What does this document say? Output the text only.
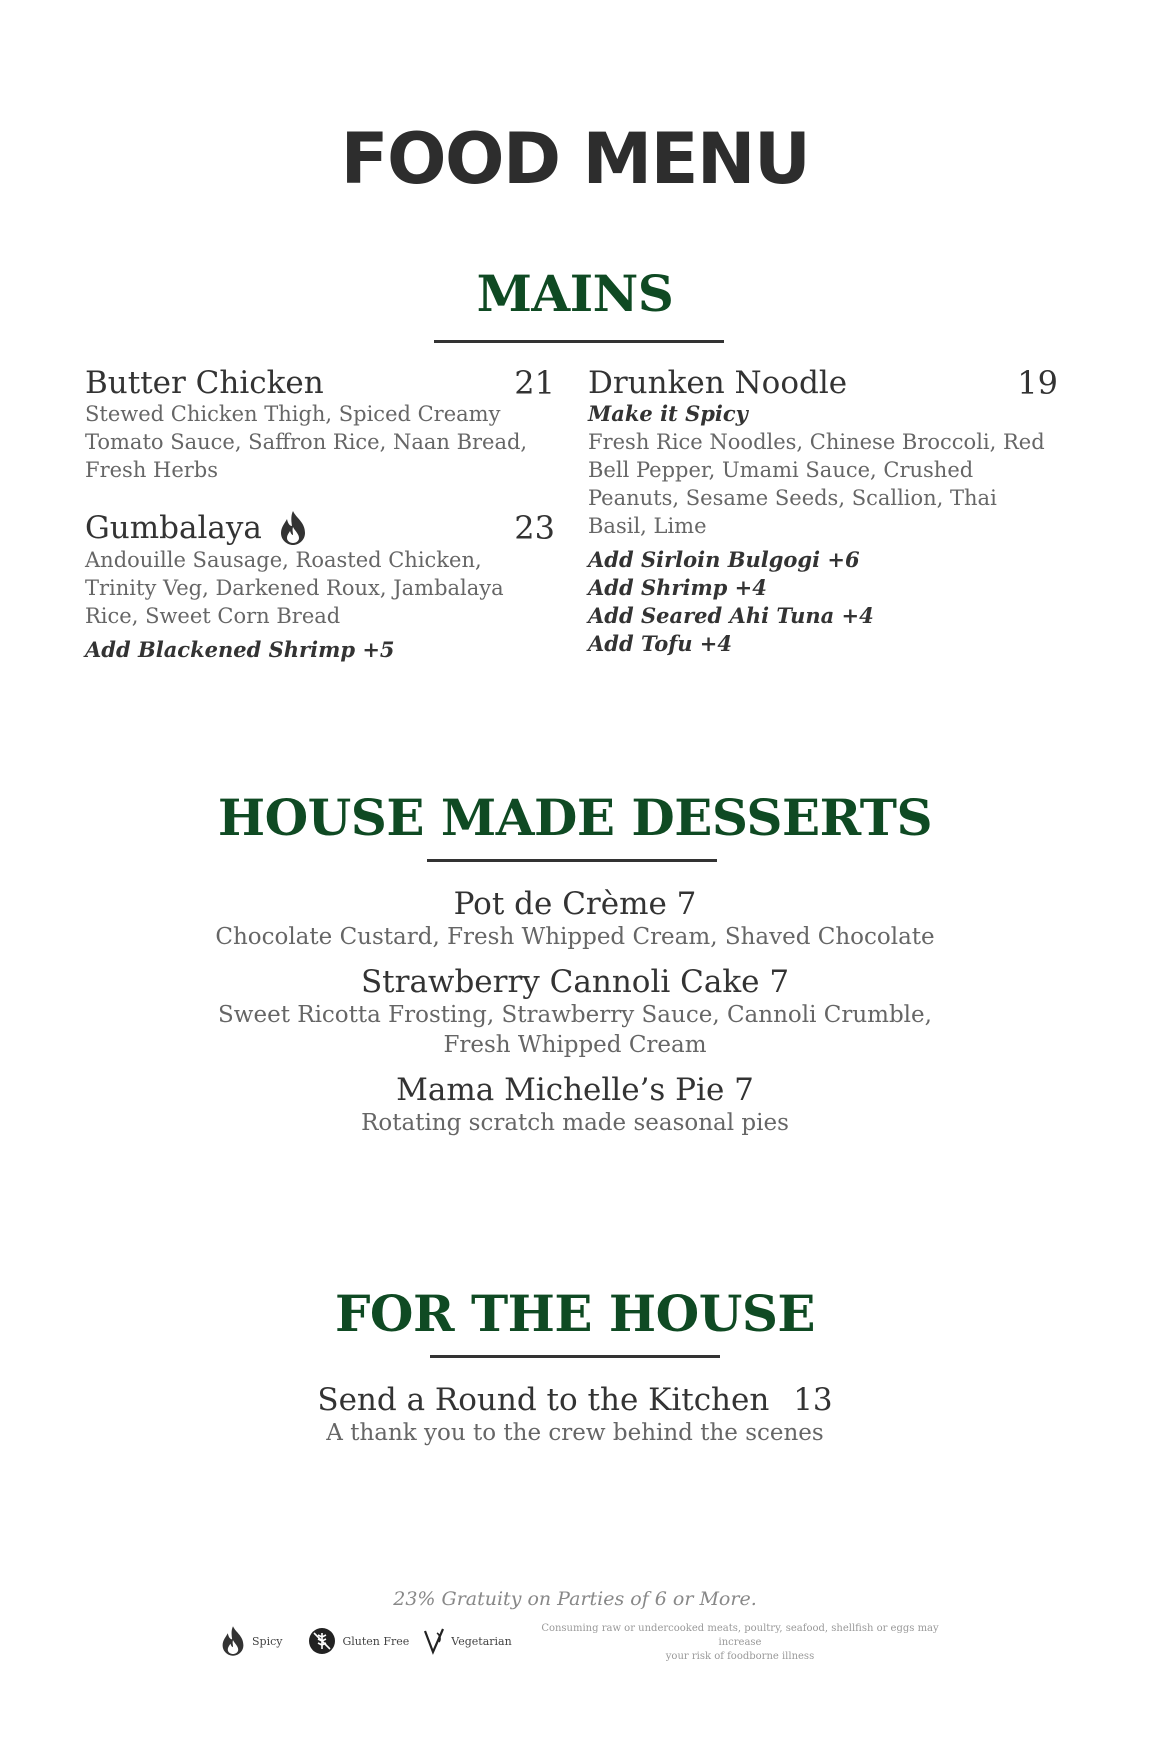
FOOD MENU
MAINS
Butter Chicken	21
Stewed Chicken Thigh, Spiced Creamy Tomato Sauce, Saffron Rice, Naan Bread, Fresh Herbs
Gumbalaya	23
Andouille Sausage, Roasted Chicken, Trinity Veg, Darkened Roux, Jambalaya Rice, Sweet Corn Bread
Add Blackened Shrimp +5
Drunken Noodle	19
Make it Spicy
Fresh Rice Noodles, Chinese Broccoli, Red Bell Pepper, Umami Sauce, Crushed Peanuts, Sesame Seeds, Scallion, Thai Basil, Lime
Add Sirloin Bulgogi +6
Add Shrimp +4
Add Seared Ahi Tuna +4
Add Tofu +4
HOUSE MADE DESSERTS
Pot de Crème 7
Chocolate Custard, Fresh Whipped Cream, Shaved Chocolate
Strawberry Cannoli Cake 7
Sweet Ricotta Frosting, Strawberry Sauce, Cannoli Crumble,
Fresh Whipped Cream
Mama Michelle’s Pie 7
Rotating scratch made seasonal pies
FOR THE HOUSE
Send a Round to the Kitchen 13
A thank you to the crew behind the scenes
23% Gratuity on Parties of 6 or More.
Spicy	Gluten Free	Vegetarian
Consuming raw or undercooked meats, poultry, seafood, shellfish or eggs may increase
your risk of foodborne illness
